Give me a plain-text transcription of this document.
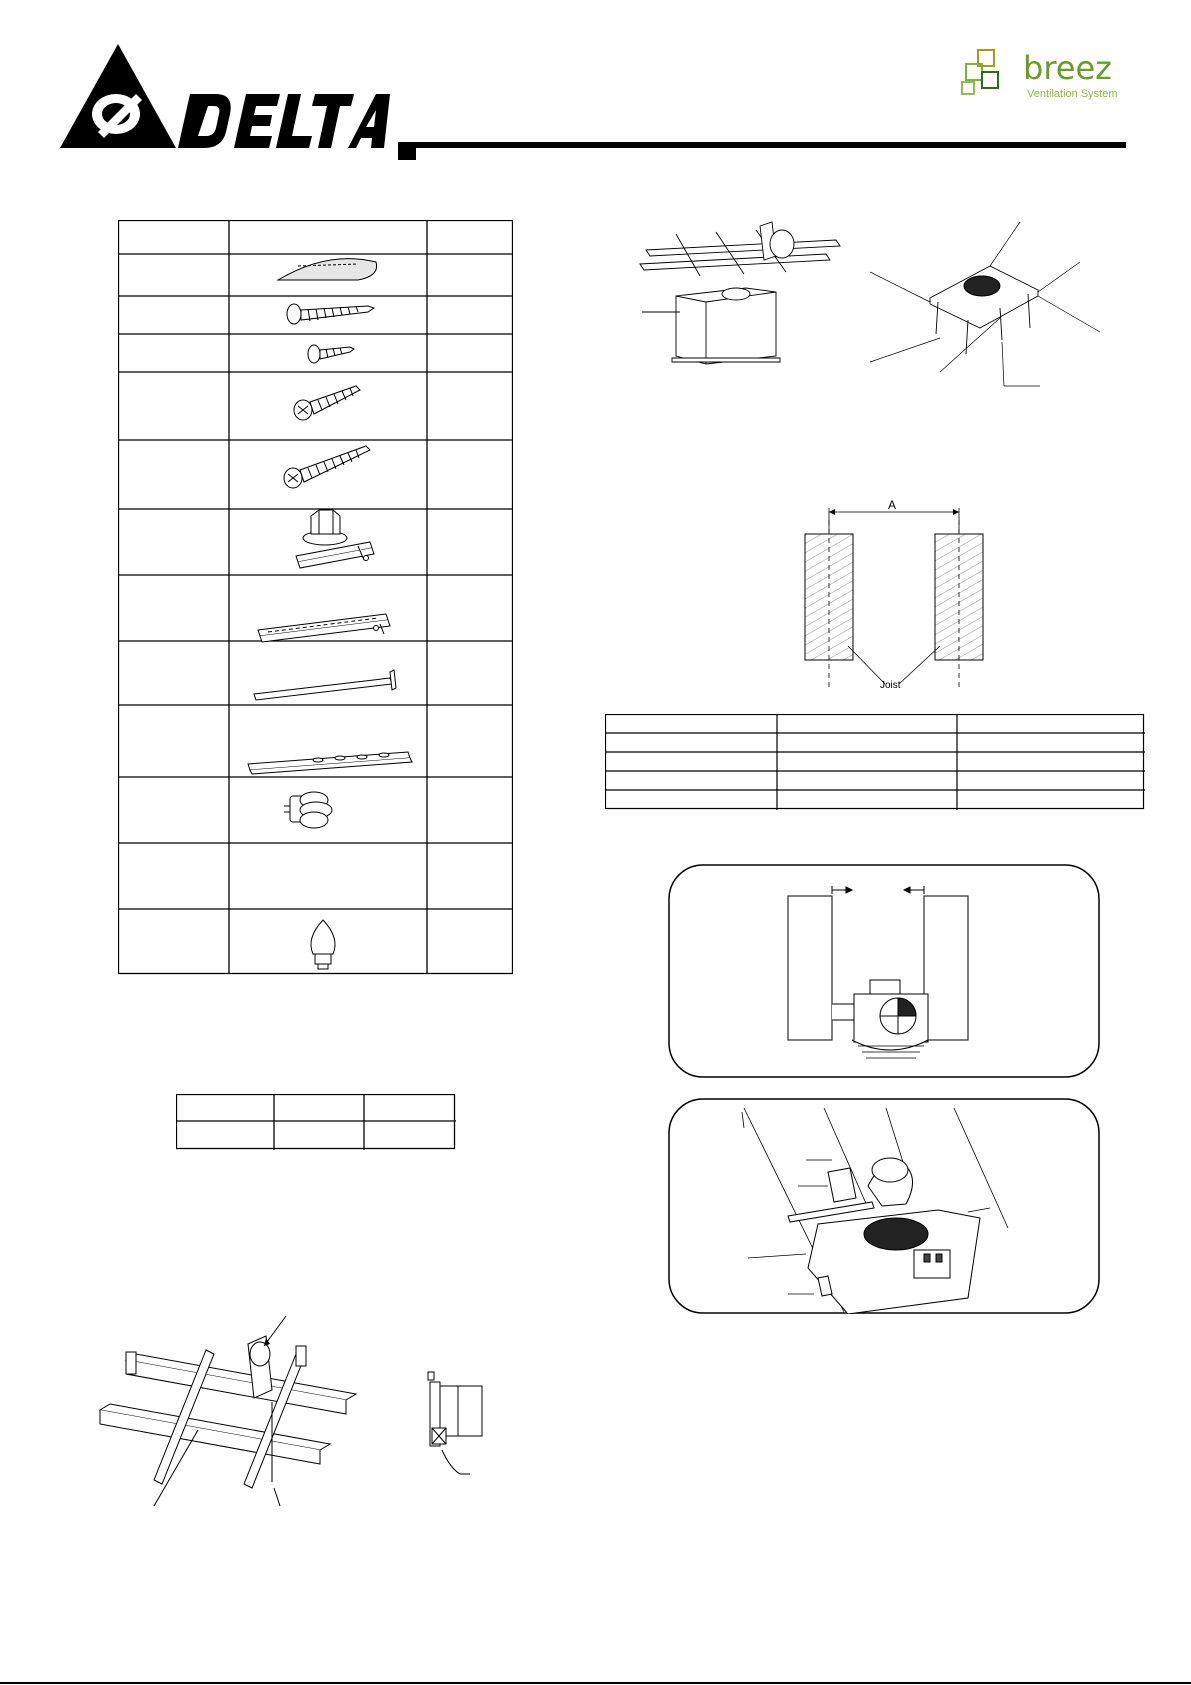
breez
Ventilation System
A
Joist
